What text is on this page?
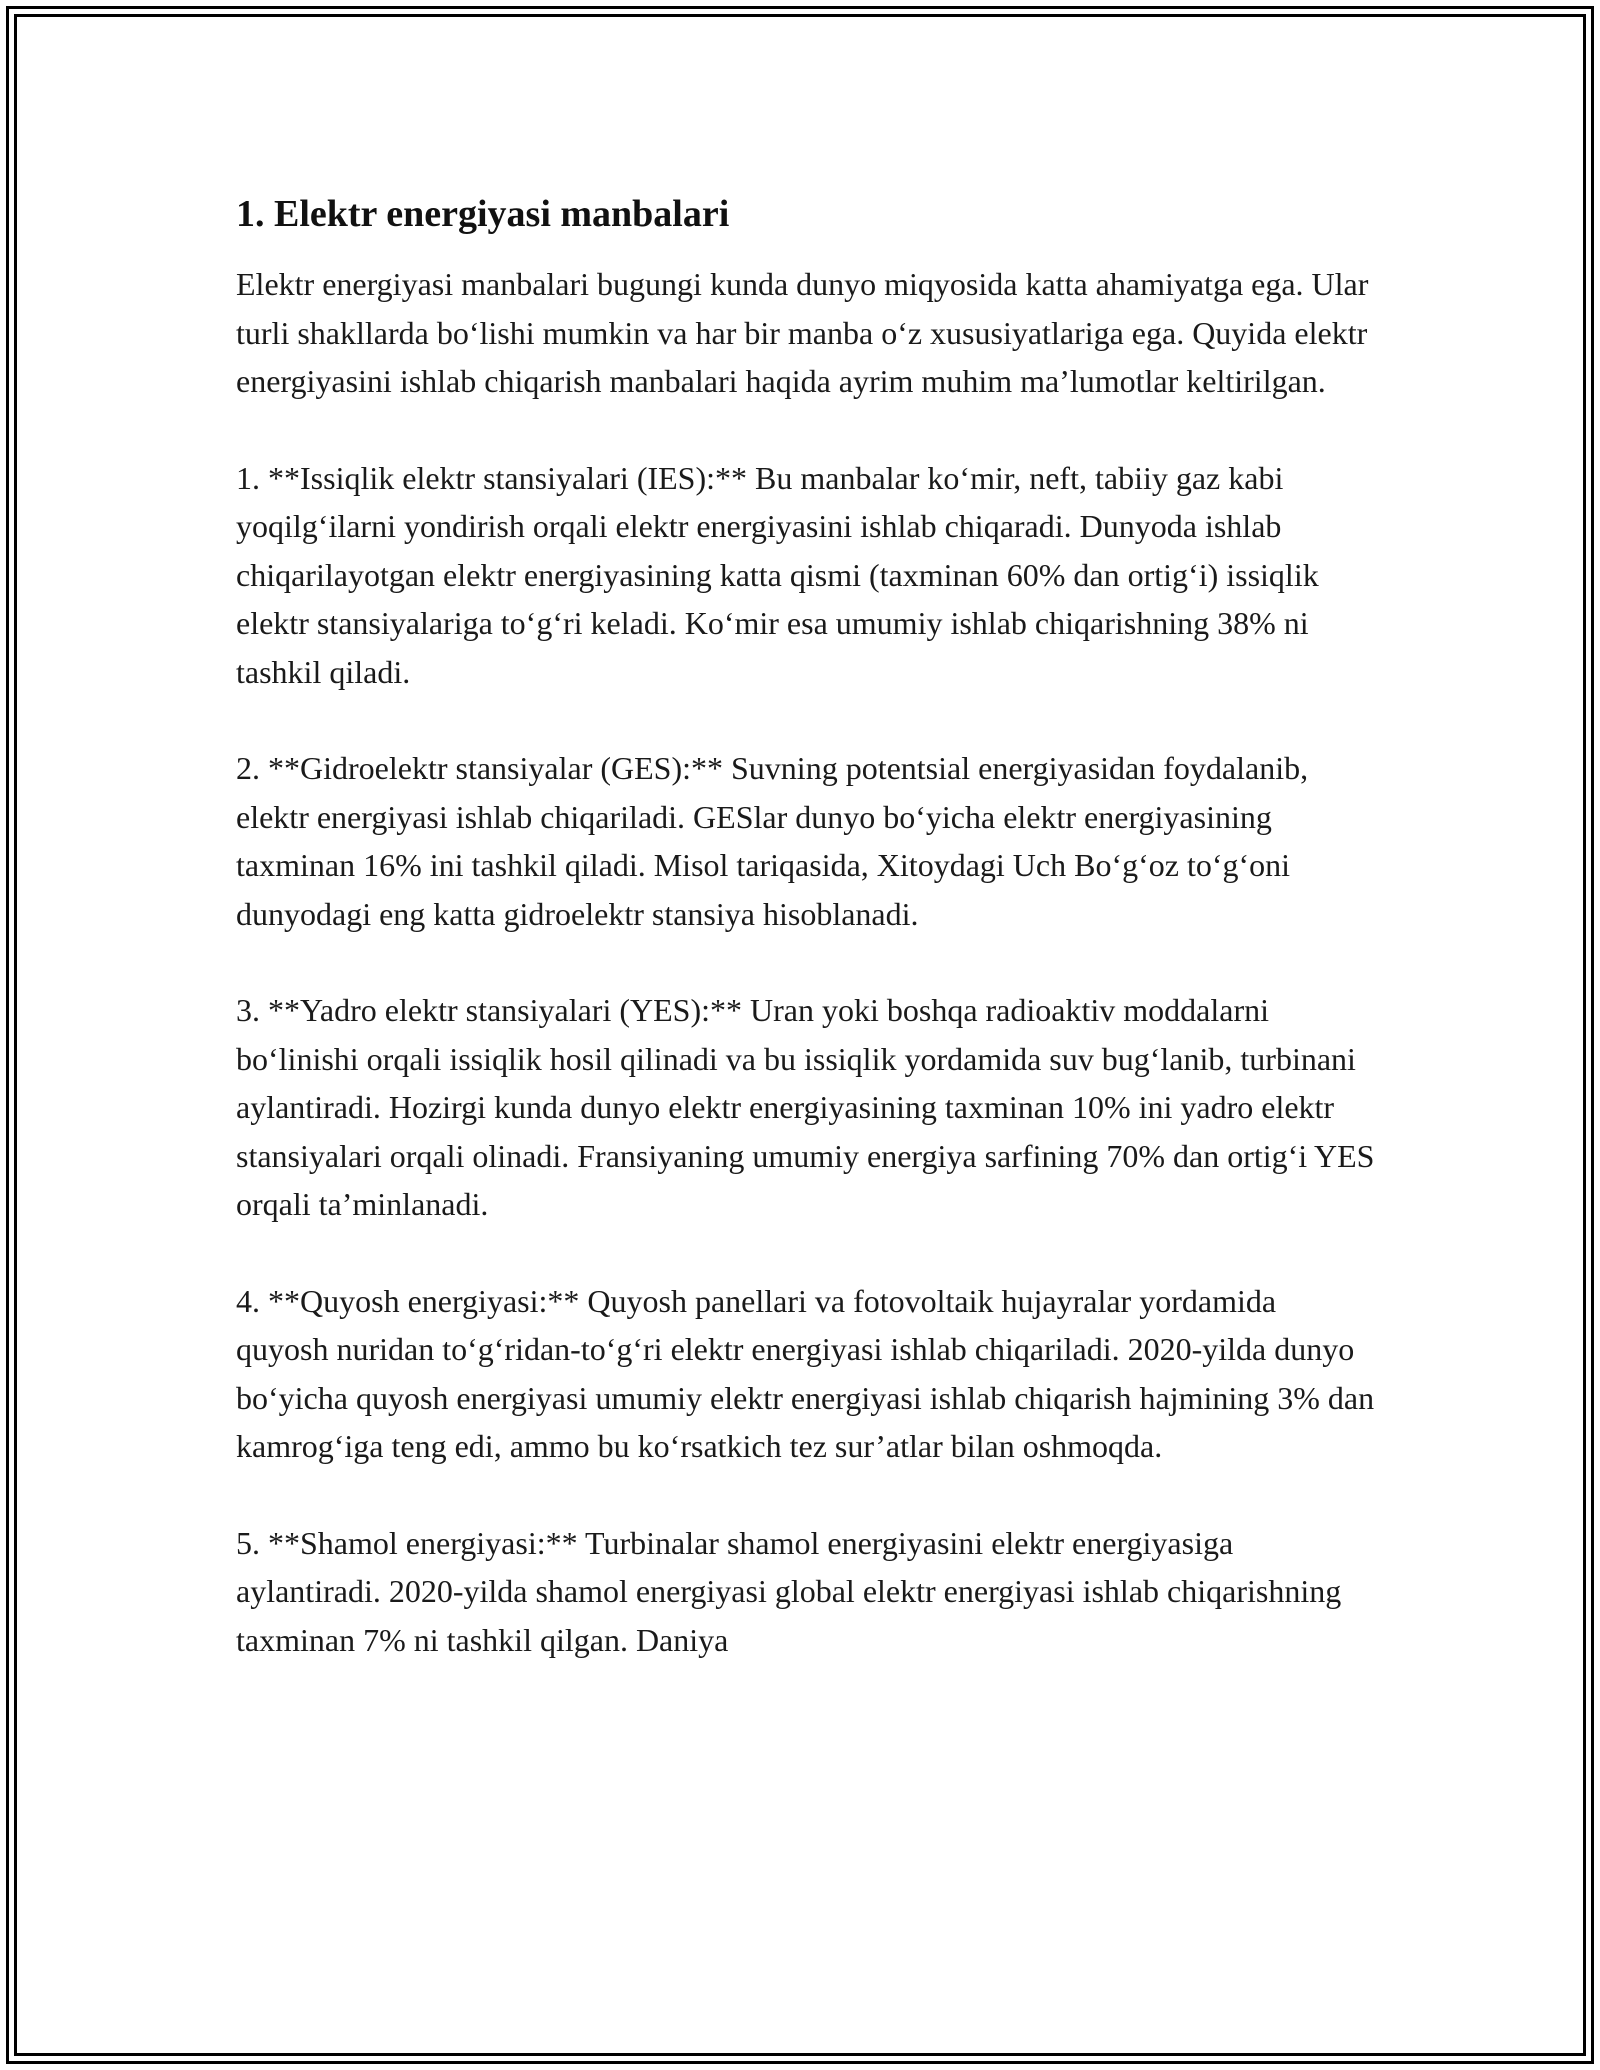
1. Elektr energiyasi manbalari

Elektr energiyasi manbalari bugungi kunda dunyo miqyosida katta ahamiyatga ega. Ular turli shakllarda bo‘lishi mumkin va har bir manba o‘z xususiyatlariga ega. Quyida elektr energiyasini ishlab chiqarish manbalari haqida ayrim muhim ma’lumotlar keltirilgan.

1. **Issiqlik elektr stansiyalari (IES):** Bu manbalar ko‘mir, neft, tabiiy gaz kabi yoqilg‘ilarni yondirish orqali elektr energiyasini ishlab chiqaradi. Dunyoda ishlab chiqarilayotgan elektr energiyasining katta qismi (taxminan 60% dan ortig‘i) issiqlik elektr stansiyalariga to‘g‘ri keladi. Ko‘mir esa umumiy ishlab chiqarishning 38% ni tashkil qiladi.

2. **Gidroelektr stansiyalar (GES):** Suvning potentsial energiyasidan foydalanib, elektr energiyasi ishlab chiqariladi. GESlar dunyo bo‘yicha elektr energiyasining taxminan 16% ini tashkil qiladi. Misol tariqasida, Xitoydagi Uch Bo‘g‘oz to‘g‘oni dunyodagi eng katta gidroelektr stansiya hisoblanadi.

3. **Yadro elektr stansiyalari (YES):** Uran yoki boshqa radioaktiv moddalarni bo‘linishi orqali issiqlik hosil qilinadi va bu issiqlik yordamida suv bug‘lanib, turbinani aylantiradi. Hozirgi kunda dunyo elektr energiyasining taxminan 10% ini yadro elektr stansiyalari orqali olinadi. Fransiyaning umumiy energiya sarfining 70% dan ortig‘i YES orqali ta’minlanadi.

4. **Quyosh energiyasi:** Quyosh panellari va fotovoltaik hujayralar yordamida quyosh nuridan to‘g‘ridan-to‘g‘ri elektr energiyasi ishlab chiqariladi. 2020-yilda dunyo bo‘yicha quyosh energiyasi umumiy elektr energiyasi ishlab chiqarish hajmining 3% dan kamrog‘iga teng edi, ammo bu ko‘rsatkich tez sur’atlar bilan oshmoqda.

5. **Shamol energiyasi:** Turbinalar shamol energiyasini elektr energiyasiga aylantiradi. 2020-yilda shamol energiyasi global elektr energiyasi ishlab chiqarishning taxminan 7% ni tashkil qilgan. Daniya
